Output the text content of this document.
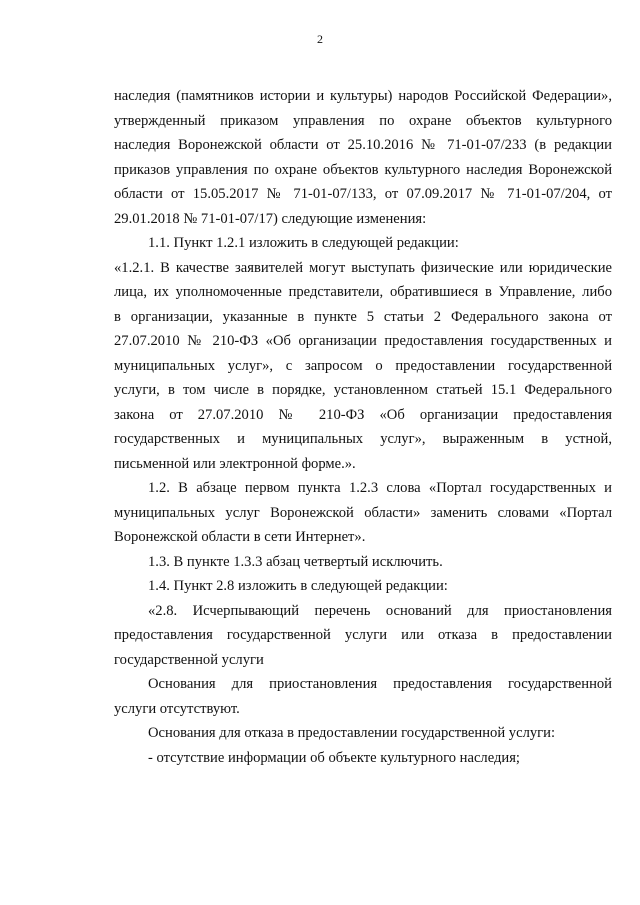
2
наследия (памятников истории и культуры) народов Российской Федерации»,
утвержденный приказом управления по охране объектов культурного
наследия Воронежской области от 25.10.2016 № 71-01-07/233 (в редакции
приказов управления по охране объектов культурного наследия Воронежской
области от 15.05.2017 № 71-01-07/133, от 07.09.2017 № 71-01-07/204, от
29.01.2018 № 71-01-07/17) следующие изменения:
1.1. Пункт 1.2.1 изложить в следующей редакции:
«1.2.1. В качестве заявителей могут выступать физические или юридические
лица, их уполномоченные представители, обратившиеся в Управление, либо
в организации, указанные в пункте 5 статьи 2 Федерального закона от
27.07.2010 № 210-ФЗ «Об организации предоставления государственных и
муниципальных услуг», с запросом о предоставлении государственной
услуги, в том числе в порядке, установленном статьей 15.1 Федерального
закона от 27.07.2010 № 210-ФЗ «Об организации предоставления
государственных и муниципальных услуг», выраженным в устной,
письменной или электронной форме.».
1.2. В абзаце первом пункта 1.2.3 слова «Портал государственных и
муниципальных услуг Воронежской области» заменить словами «Портал
Воронежской области в сети Интернет».
1.3. В пункте 1.3.3 абзац четвертый исключить.
1.4. Пункт 2.8 изложить в следующей редакции:
«2.8. Исчерпывающий перечень оснований для приостановления
предоставления государственной услуги или отказа в предоставлении
государственной услуги
Основания для приостановления предоставления государственной
услуги отсутствуют.
Основания для отказа в предоставлении государственной услуги:
- отсутствие информации об объекте культурного наследия;
